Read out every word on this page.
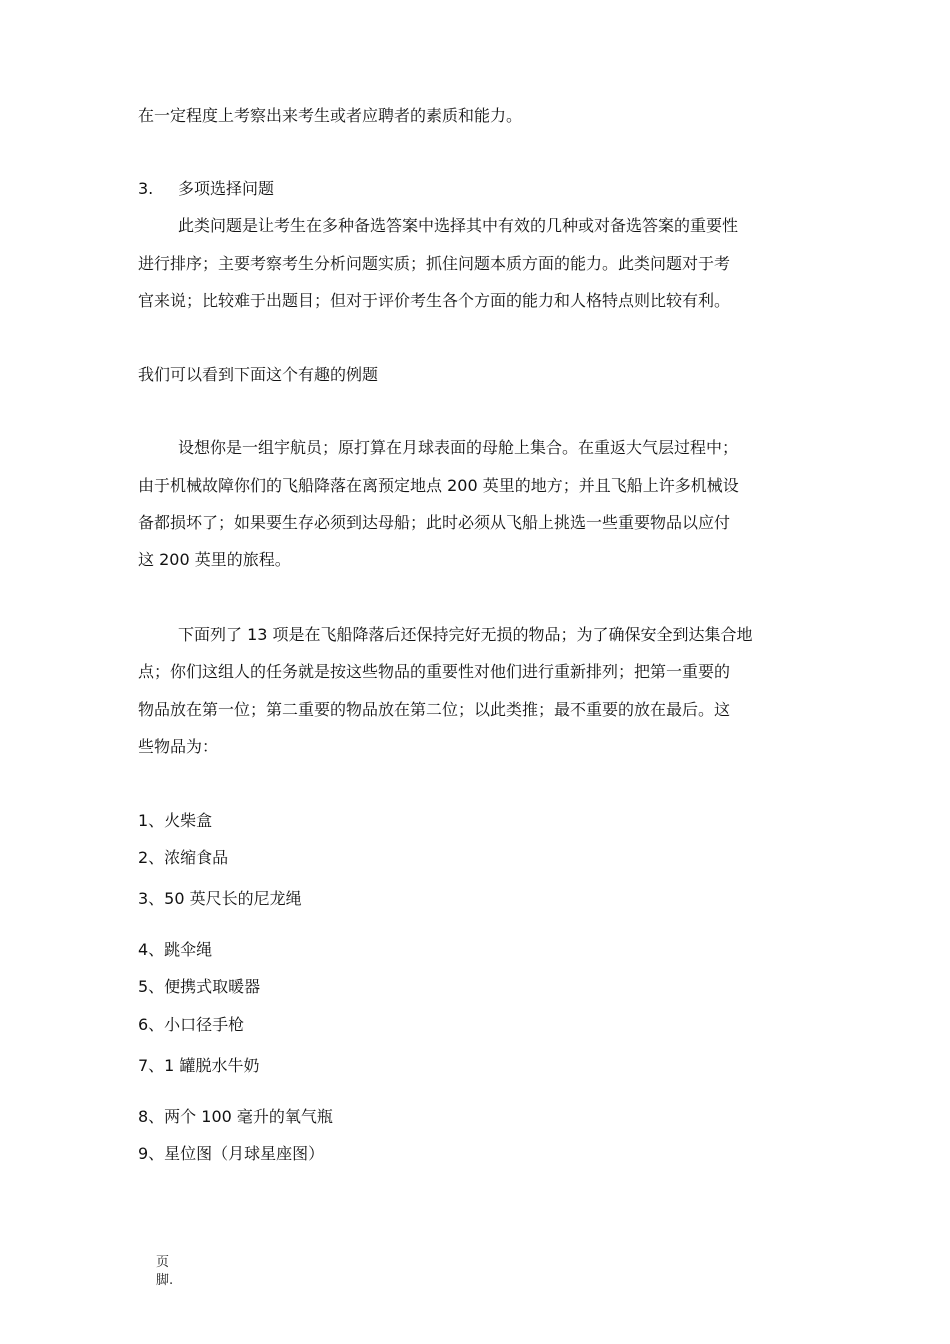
在一定程度上考察出来考生或者应聘者的素质和能力。
3. 多项选择问题
此类问题是让考生在多种备选答案中选择其中有效的几种或对备选答案的重要性
进行排序；主要考察考生分析问题实质；抓住问题本质方面的能力。此类问题对于考
官来说；比较难于出题目；但对于评价考生各个方面的能力和人格特点则比较有利。
我们可以看到下面这个有趣的例题
设想你是一组宇航员；原打算在月球表面的母舱上集合。在重返大气层过程中；
由于机械故障你们的飞船降落在离预定地点 200 英里的地方；并且飞船上许多机械设
备都损坏了；如果要生存必须到达母船；此时必须从飞船上挑选一些重要物品以应付
这 200 英里的旅程。
下面列了 13 项是在飞船降落后还保持完好无损的物品；为了确保安全到达集合地
点；你们这组人的任务就是按这些物品的重要性对他们进行重新排列；把第一重要的
物品放在第一位；第二重要的物品放在第二位；以此类推；最不重要的放在最后。这
些物品为：
1、火柴盒
2、浓缩食品
3、50 英尺长的尼龙绳
4、跳伞绳
5、便携式取暖器
6、小口径手枪
7、1 罐脱水牛奶
8、两个 100 毫升的氧气瓶
9、星位图（月球星座图）
页
脚.
